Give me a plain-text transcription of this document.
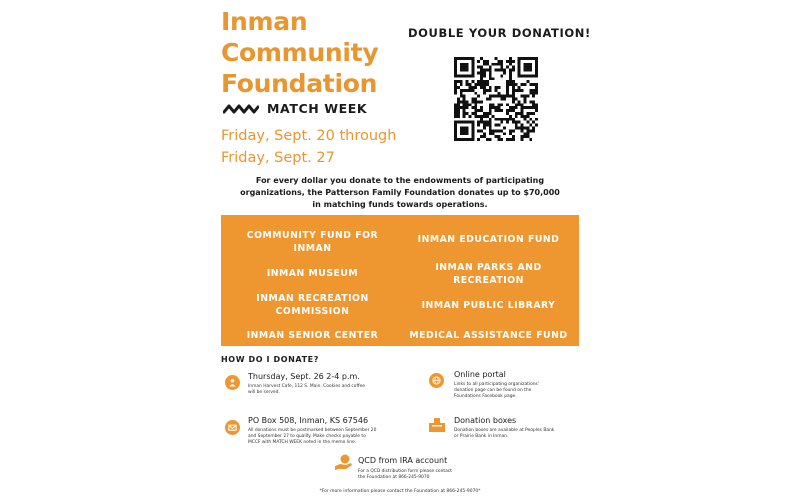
Inman
Community
Foundation
MATCH WEEK
Friday, Sept. 20 through
Friday, Sept. 27
DOUBLE YOUR DONATION!
For every dollar you donate to the endowments of participating
organizations, the Patterson Family Foundation donates up to $70,000
in matching funds towards operations.
COMMUNITY FUND FOR
INMAN
INMAN MUSEUM
INMAN RECREATION
COMMISSION
INMAN SENIOR CENTER
INMAN EDUCATION FUND
INMAN PARKS AND
RECREATION
INMAN PUBLIC LIBRARY
MEDICAL ASSISTANCE FUND
HOW DO I DONATE?
Thursday, Sept. 26 2-4 p.m.
Inman Harvest Cafe, 112 S. Main. Cookies and coffee
will be served.
PO Box 508, Inman, KS 67546
All donations must be postmarked between September 20
and September 27 to qualify. Make checks payable to
MCCF with MATCH WEEK noted in the memo line.
Online portal
Links to all participating organizations'
donation page can be found on the
Foundations Facebook page.
Donation boxes
Donation boxes are available at Peoples Bank
or Prairie Bank in Inman.
QCD from IRA account
For a QCD distribution form please contact
the Foundation at 866-245-9070
*For more information please contact the Foundation at 866-245-9070*
